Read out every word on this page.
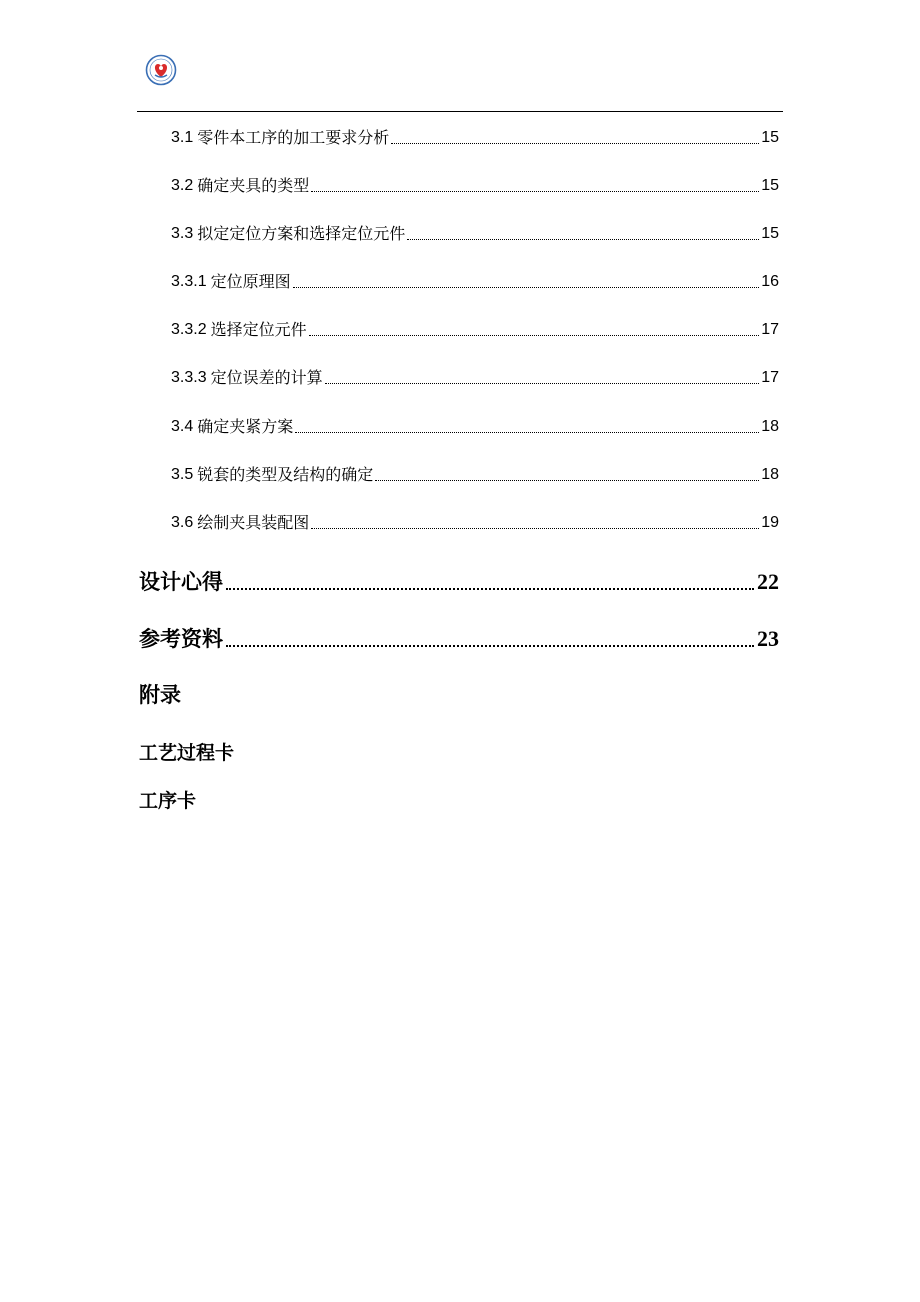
3.1 零件本工序的加工要求分析	15
3.2 确定夹具的类型	15
3.3 拟定定位方案和选择定位元件	15
3.3.1 定位原理图	16
3.3.2 选择定位元件	17
3.3.3 定位误差的计算	17
3.4 确定夹紧方案	18
3.5 锐套的类型及结构的确定	18
3.6 绘制夹具装配图	19
设计心得	22
参考资料	23
附录
工艺过程卡
工序卡
